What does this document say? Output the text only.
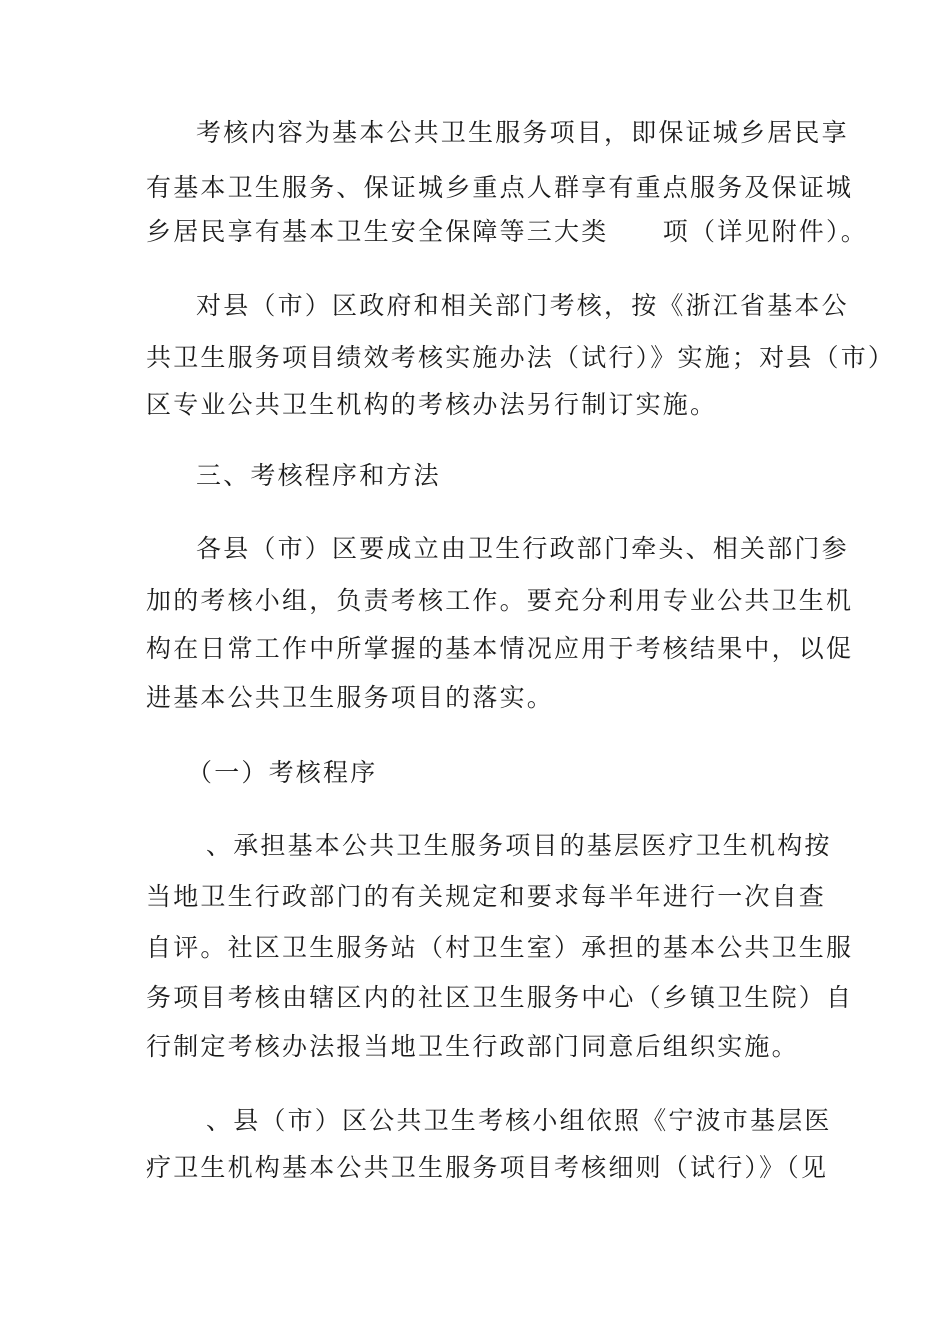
考核内容为基本公共卫生服务项目，即保证城乡居民享
有基本卫生服务、保证城乡重点人群享有重点服务及保证城
乡居民享有基本卫生安全保障等三大类　　项（详见附件）。
对县（市）区政府和相关部门考核，按《浙江省基本公
共卫生服务项目绩效考核实施办法（试行）》实施；对县（市）
区专业公共卫生机构的考核办法另行制订实施。
三、考核程序和方法
各县（市）区要成立由卫生行政部门牵头、相关部门参
加的考核小组，负责考核工作。要充分利用专业公共卫生机
构在日常工作中所掌握的基本情况应用于考核结果中，以促
进基本公共卫生服务项目的落实。
（一）考核程序
、承担基本公共卫生服务项目的基层医疗卫生机构按
当地卫生行政部门的有关规定和要求每半年进行一次自查
自评。社区卫生服务站（村卫生室）承担的基本公共卫生服
务项目考核由辖区内的社区卫生服务中心（乡镇卫生院）自
行制定考核办法报当地卫生行政部门同意后组织实施。
、县（市）区公共卫生考核小组依照《宁波市基层医
疗卫生机构基本公共卫生服务项目考核细则（试行）》（见
